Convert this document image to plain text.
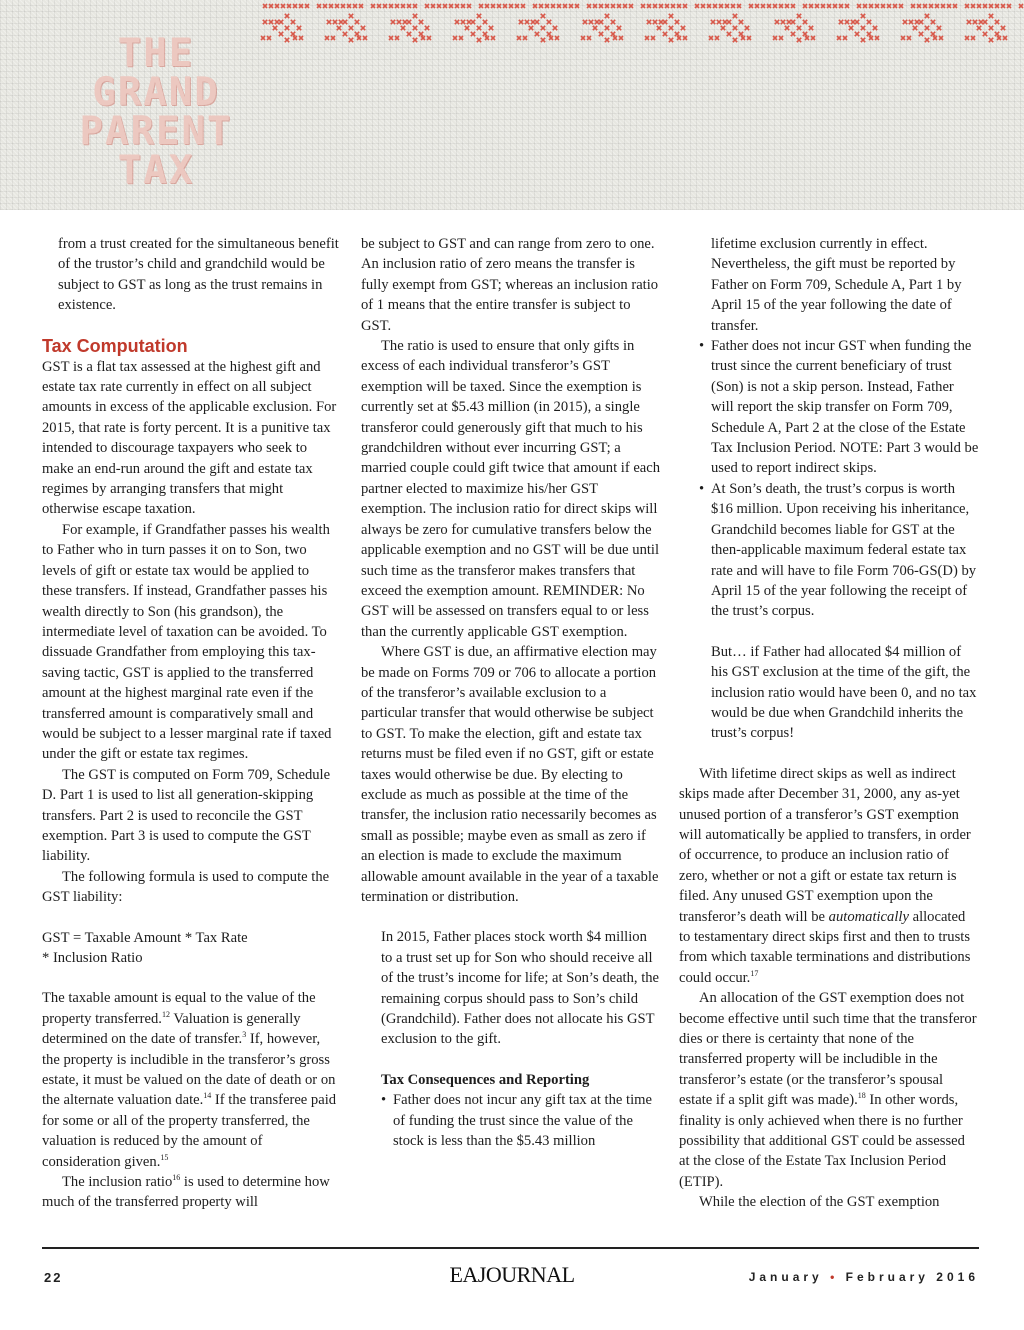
THE
GRAND
PARENT
TAX

from a trust created for the simultaneous benefit of the trustor’s child and grandchild would be subject to GST as long as the trust remains in existence.

Tax Computation

GST is a flat tax assessed at the highest gift and estate tax rate currently in effect on all subject amounts in excess of the applicable exclusion. For 2015, that rate is forty percent. It is a punitive tax intended to discourage taxpayers who seek to make an end-run around the gift and estate tax regimes by arranging transfers that might otherwise escape taxation.

For example, if Grandfather passes his wealth to Father who in turn passes it on to Son, two levels of gift or estate tax would be applied to these transfers. If instead, Grandfather passes his wealth directly to Son (his grandson), the intermediate level of taxation can be avoided. To dissuade Grandfather from employing this tax-saving tactic, GST is applied to the transferred amount at the highest marginal rate even if the transferred amount is comparatively small and would be subject to a lesser marginal rate if taxed under the gift or estate tax regimes.

The GST is computed on Form 709, Schedule D. Part 1 is used to list all generation-skipping transfers. Part 2 is used to reconcile the GST exemption. Part 3 is used to compute the GST liability.

The following formula is used to compute the GST liability:

GST = Taxable Amount * Tax Rate

* Inclusion Ratio

The taxable amount is equal to the value of the property transferred.$^{12}$ Valuation is generally determined on the date of transfer.$^3$ If, however, the property is includible in the transferor’s gross estate, it must be valued on the date of death or on the alternate valuation date.$^{14}$ If the transferee paid for some or all of the property transferred, the valuation is reduced by the amount of consideration given.$^{15}$

The inclusion ratio$^{16}$ is used to determine how much of the transferred property will

be subject to GST and can range from zero to one. An inclusion ratio of zero means the transfer is fully exempt from GST; whereas an inclusion ratio of 1 means that the entire transfer is subject to GST.

The ratio is used to ensure that only gifts in excess of each individual transferor’s GST exemption will be taxed. Since the exemption is currently set at $5.43 million (in 2015), a single transferor could generously gift that much to his grandchildren without ever incurring GST; a married couple could gift twice that amount if each partner elected to maximize his/her GST exemption. The inclusion ratio for direct skips will always be zero for cumulative transfers below the applicable exemption and no GST will be due until such time as the transferor makes transfers that exceed the exemption amount. REMINDER: No GST will be assessed on transfers equal to or less than the currently applicable GST exemption.

Where GST is due, an affirmative election may be made on Forms 709 or 706 to allocate a portion of the transferor’s available exclusion to a particular transfer that would otherwise be subject to GST. To make the election, gift and estate tax returns must be filed even if no GST, gift or estate taxes would otherwise be due. By electing to exclude as much as possible at the time of the transfer, the inclusion ratio necessarily becomes as small as possible; maybe even as small as zero if an election is made to exclude the maximum allowable amount available in the year of a taxable termination or distribution.

In 2015, Father places stock worth $4 million to a trust set up for Son who should receive all of the trust’s income for life; at Son’s death, the remaining corpus should pass to Son’s child (Grandchild). Father does not allocate his GST exclusion to the gift.

Tax Consequences and Reporting

• Father does not incur any gift tax at the time of funding the trust since the value of the stock is less than the $5.43 million

lifetime exclusion currently in effect. Nevertheless, the gift must be reported by Father on Form 709, Schedule A, Part 1 by April 15 of the year following the date of transfer.

• Father does not incur GST when funding the trust since the current beneficiary of trust (Son) is not a skip person. Instead, Father will report the skip transfer on Form 709, Schedule A, Part 2 at the close of the Estate Tax Inclusion Period. NOTE: Part 3 would be used to report indirect skips.

• At Son’s death, the trust’s corpus is worth $16 million. Upon receiving his inheritance, Grandchild becomes liable for GST at the then-applicable maximum federal estate tax rate and will have to file Form 706-GS(D) by April 15 of the year following the receipt of the trust’s corpus.

But… if Father had allocated $4 million of his GST exclusion at the time of the gift, the inclusion ratio would have been 0, and no tax would be due when Grandchild inherits the trust’s corpus!

With lifetime direct skips as well as indirect skips made after December 31, 2000, any as-yet unused portion of a transferor’s GST exemption will automatically be applied to transfers, in order of occurrence, to produce an inclusion ratio of zero, whether or not a gift or estate tax return is filed. Any unused GST exemption upon the transferor’s death will be automatically allocated to testamentary direct skips first and then to trusts from which taxable terminations and distributions could occur.$^{17}$

An allocation of the GST exemption does not become effective until such time that the transferor dies or there is certainty that none of the transferred property will be includible in the transferor’s estate (or the transferor’s spousal estate if a split gift was made).$^{18}$ In other words, finality is only achieved when there is no further possibility that additional GST could be assessed at the close of the Estate Tax Inclusion Period (ETIP).

While the election of the GST exemption

22	EAJOURNAL	January • February 2016
